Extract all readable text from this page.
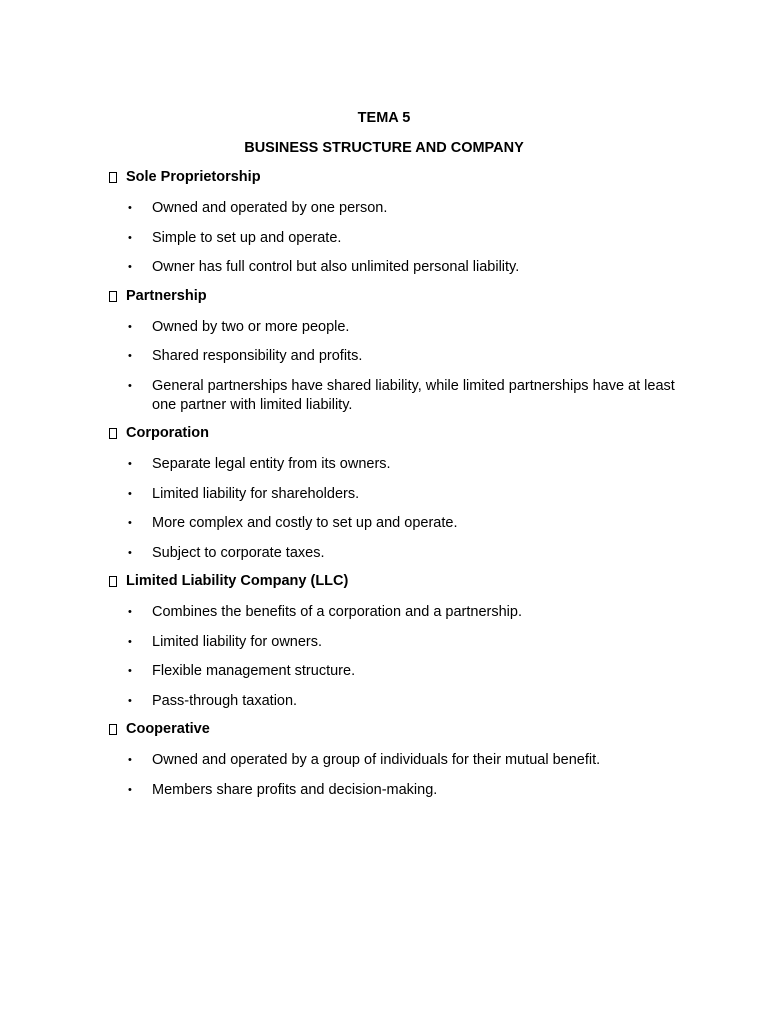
TEMA 5
BUSINESS STRUCTURE AND COMPANY
Sole Proprietorship
• Owned and operated by one person.
• Simple to set up and operate.
• Owner has full control but also unlimited personal liability.
Partnership
• Owned by two or more people.
• Shared responsibility and profits.
• General partnerships have shared liability, while limited partnerships have at least one partner with limited liability.
Corporation
• Separate legal entity from its owners.
• Limited liability for shareholders.
• More complex and costly to set up and operate.
• Subject to corporate taxes.
Limited Liability Company (LLC)
• Combines the benefits of a corporation and a partnership.
• Limited liability for owners.
• Flexible management structure.
• Pass-through taxation.
Cooperative
• Owned and operated by a group of individuals for their mutual benefit.
• Members share profits and decision-making.
